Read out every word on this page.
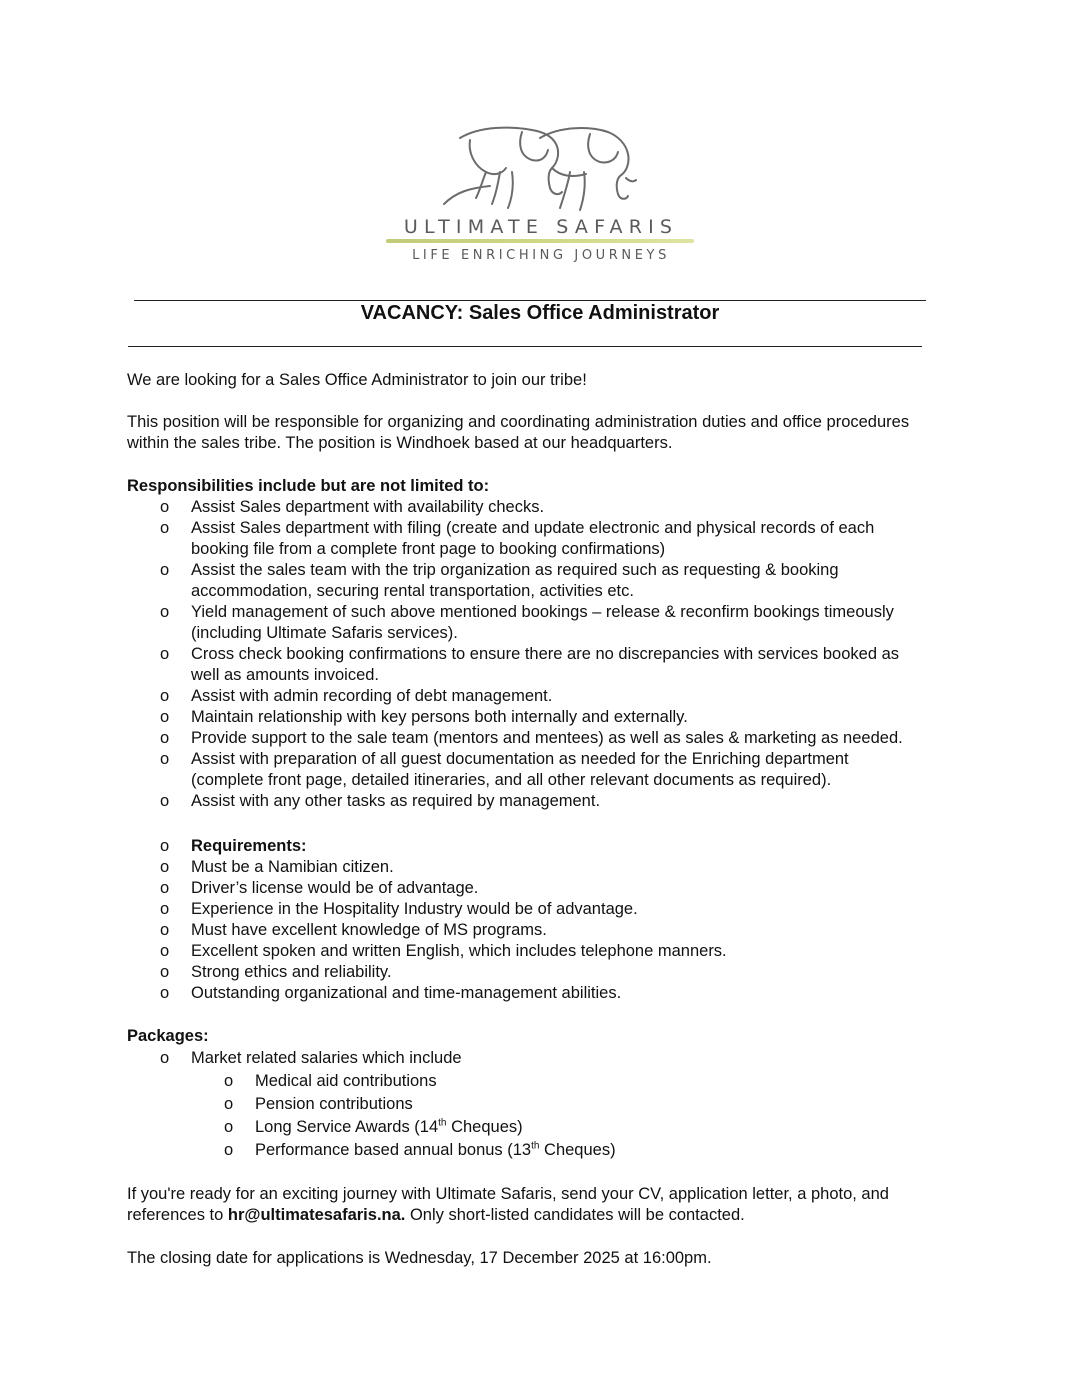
ULTIMATE SAFARIS
LIFE ENRICHING JOURNEYS
VACANCY: Sales Office Administrator
We are looking for a Sales Office Administrator to join our tribe!
This position will be responsible for organizing and coordinating administration duties and office procedures
within the sales tribe. The position is Windhoek based at our headquarters.
Responsibilities include but are not limited to:
o Assist Sales department with availability checks.
o Assist Sales department with filing (create and update electronic and physical records of each
booking file from a complete front page to booking confirmations)
o Assist the sales team with the trip organization as required such as requesting & booking
accommodation, securing rental transportation, activities etc.
o Yield management of such above mentioned bookings – release & reconfirm bookings timeously
(including Ultimate Safaris services).
o Cross check booking confirmations to ensure there are no discrepancies with services booked as
well as amounts invoiced.
o Assist with admin recording of debt management.
o Maintain relationship with key persons both internally and externally.
o Provide support to the sale team (mentors and mentees) as well as sales & marketing as needed.
o Assist with preparation of all guest documentation as needed for the Enriching department
(complete front page, detailed itineraries, and all other relevant documents as required).
o Assist with any other tasks as required by management.
o Requirements:
o Must be a Namibian citizen.
o Driver’s license would be of advantage.
o Experience in the Hospitality Industry would be of advantage.
o Must have excellent knowledge of MS programs.
o Excellent spoken and written English, which includes telephone manners.
o Strong ethics and reliability.
o Outstanding organizational and time-management abilities.
Packages:
o Market related salaries which include
o Medical aid contributions
o Pension contributions
o Long Service Awards (14th Cheques)
o Performance based annual bonus (13th Cheques)
If you're ready for an exciting journey with Ultimate Safaris, send your CV, application letter, a photo, and
references to hr@ultimatesafaris.na. Only short-listed candidates will be contacted.
The closing date for applications is Wednesday, 17 December 2025 at 16:00pm.
